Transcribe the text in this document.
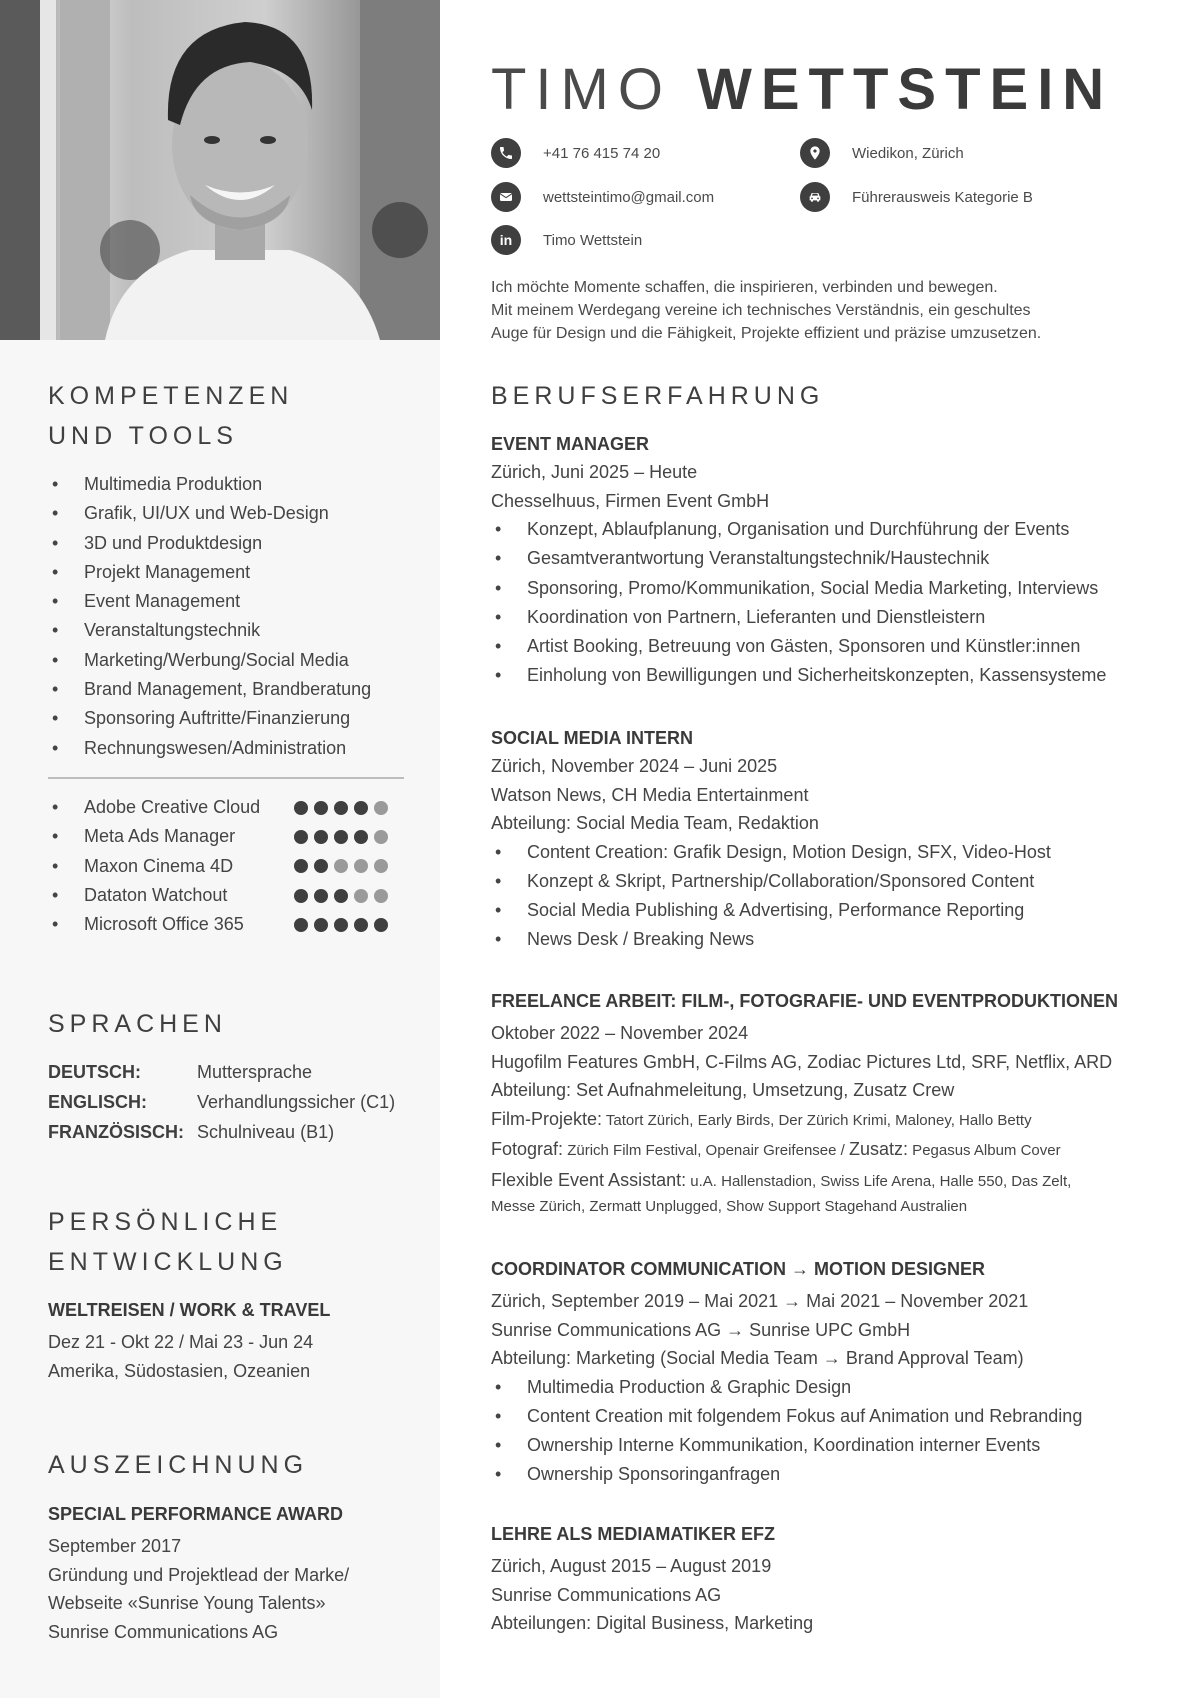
TIMO WETTSTEIN
+41 76 415 74 20	Wiedikon, Zürich
wettsteintimo@gmail.com	Führerausweis Kategorie B
in Timo Wettstein
Ich möchte Momente schaffen, die inspirieren, verbinden und bewegen.
Mit meinem Werdegang vereine ich technisches Verständnis, ein geschultes
Auge für Design und die Fähigkeit, Projekte effizient und präzise umzusetzen.
KOMPETENZEN
UND TOOLS
• Multimedia Produktion
• Grafik, UI/UX und Web-Design
• 3D und Produktdesign
• Projekt Management
• Event Management
• Veranstaltungstechnik
• Marketing/Werbung/Social Media
• Brand Management, Brandberatung
• Sponsoring Auftritte/Finanzierung
• Rechnungswesen/Administration
• Adobe Creative Cloud
• Meta Ads Manager
• Maxon Cinema 4D
• Dataton Watchout
• Microsoft Office 365
SPRACHEN
DEUTSCH:	Muttersprache
ENGLISCH:	Verhandlungssicher (C1)
FRANZÖSISCH: Schulniveau (B1)
PERSÖNLICHE
ENTWICKLUNG
WELTREISEN / WORK & TRAVEL
Dez 21 - Okt 22 / Mai 23 - Jun 24
Amerika, Südostasien, Ozeanien
AUSZEICHNUNG
SPECIAL PERFORMANCE AWARD
September 2017
Gründung und Projektlead der Marke/
Webseite «Sunrise Young Talents»
Sunrise Communications AG
BERUFSERFAHRUNG
EVENT MANAGER
Zürich, Juni 2025 – Heute
Chesselhuus, Firmen Event GmbH
• Konzept, Ablaufplanung, Organisation und Durchführung der Events
• Gesamtverantwortung Veranstaltungstechnik/Haustechnik
• Sponsoring, Promo/Kommunikation, Social Media Marketing, Interviews
• Koordination von Partnern, Lieferanten und Dienstleistern
• Artist Booking, Betreuung von Gästen, Sponsoren und Künstler:innen
• Einholung von Bewilligungen und Sicherheitskonzepten, Kassensysteme
SOCIAL MEDIA INTERN
Zürich, November 2024 – Juni 2025
Watson News, CH Media Entertainment
Abteilung: Social Media Team, Redaktion
• Content Creation: Grafik Design, Motion Design, SFX, Video-Host
• Konzept & Skript, Partnership/Collaboration/Sponsored Content
• Social Media Publishing & Advertising, Performance Reporting
• News Desk / Breaking News
FREELANCE ARBEIT: FILM-, FOTOGRAFIE- UND EVENTPRODUKTIONEN
Oktober 2022 – November 2024
Hugofilm Features GmbH, C-Films AG, Zodiac Pictures Ltd, SRF, Netflix, ARD
Abteilung: Set Aufnahmeleitung, Umsetzung, Zusatz Crew
Film-Projekte: Tatort Zürich, Early Birds, Der Zürich Krimi, Maloney, Hallo Betty
Fotograf: Zürich Film Festival, Openair Greifensee / Zusatz: Pegasus Album Cover
Flexible Event Assistant: u.A. Hallenstadion, Swiss Life Arena, Halle 550, Das Zelt,
Messe Zürich, Zermatt Unplugged, Show Support Stagehand Australien
COORDINATOR COMMUNICATION → MOTION DESIGNER
Zürich, September 2019 – Mai 2021 → Mai 2021 – November 2021
Sunrise Communications AG → Sunrise UPC GmbH
Abteilung: Marketing (Social Media Team → Brand Approval Team)
• Multimedia Production & Graphic Design
• Content Creation mit folgendem Fokus auf Animation und Rebranding
• Ownership Interne Kommunikation, Koordination interner Events
• Ownership Sponsoringanfragen
LEHRE ALS MEDIAMATIKER EFZ
Zürich, August 2015 – August 2019
Sunrise Communications AG
Abteilungen: Digital Business, Marketing
